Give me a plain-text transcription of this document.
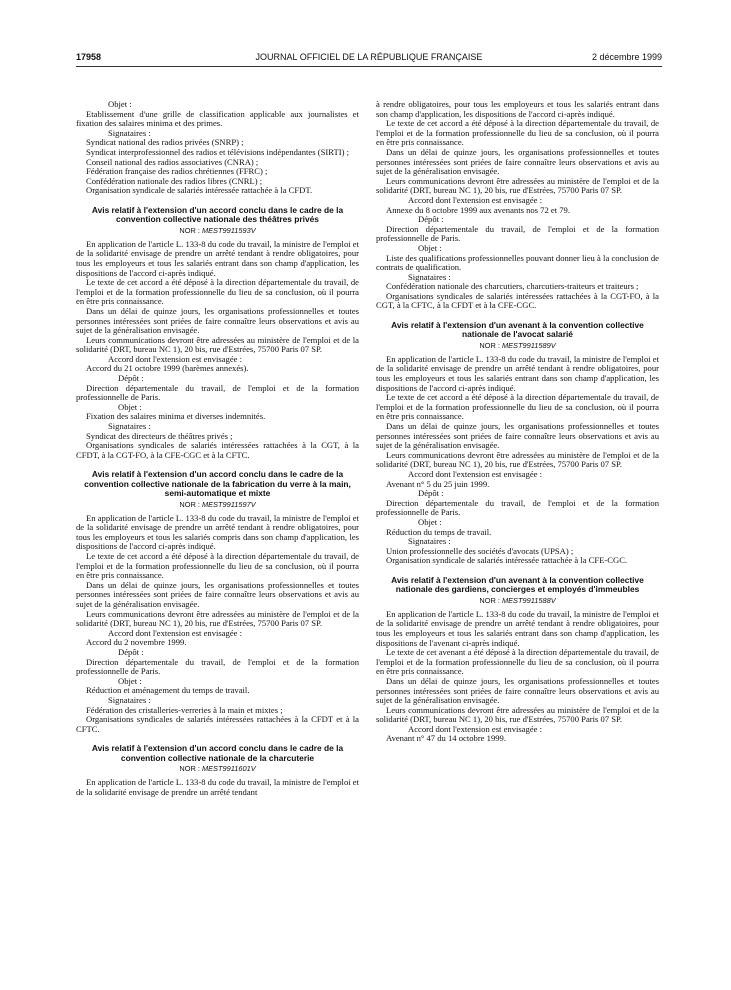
17958	JOURNAL OFFICIEL DE LA RÉPUBLIQUE FRANÇAISE	2 décembre 1999

Objet :

Etablissement d'une grille de classification applicable aux journalistes et fixation des salaires minima et des primes.

Signataires :

Syndicat national des radios privées (SNRP) ;

Syndicat interprofessionnel des radios et télévisions indépendantes (SIRTI) ;

Conseil national des radios associatives (CNRA) ;

Fédération française des radios chrétiennes (FFRC) ;

Confédération nationale des radios libres (CNRL) ;

Organisation syndicale de salariés intéressée rattachée à la CFDT.

Avis relatif à l'extension d'un accord conclu dans le cadre de la convention collective nationale des théâtres privés
NOR : MESТ9911593V

En application de l'article L. 133-8 du code du travail, la ministre de l'emploi et de la solidarité envisage de prendre un arrêté tendant à rendre obligatoires, pour tous les employeurs et tous les salariés entrant dans son champ d'application, les dispositions de l'accord ci-après indiqué.

Le texte de cet accord a été déposé à la direction départementale du travail, de l'emploi et de la formation professionnelle du lieu de sa conclusion, où il pourra en être pris connaissance.

Dans un délai de quinze jours, les organisations professionnelles et toutes personnes intéressées sont priées de faire connaître leurs observations et avis au sujet de la généralisation envisagée.

Leurs communications devront être adressées au ministère de l'emploi et de la solidarité (DRT, bureau NC 1), 20 bis, rue d'Estrées, 75700 Paris 07 SP.

Accord dont l'extension est envisagée :

Accord du 21 octobre 1999 (barèmes annexés).

Dépôt :

Direction départementale du travail, de l'emploi et de la formation professionnelle de Paris.

Objet :

Fixation des salaires minima et diverses indemnités.

Signataires :

Syndicat des directeurs de théâtres privés ;

Organisations syndicales de salariés intéressées rattachées à la CGT, à la CFDT, à la CGT-FO, à la CFE-CGC et à la CFTC.

Avis relatif à l'extension d'un accord conclu dans le cadre de la convention collective nationale de la fabrication du verre à la main, semi-automatique et mixte
NOR : MEST9911597V

En application de l'article L. 133-8 du code du travail, la ministre de l'emploi et de la solidarité envisage de prendre un arrêté tendant à rendre obligatoires, pour tous les employeurs et tous les salariés compris dans son champ d'application, les dispositions de l'accord ci-après indiqué.

Le texte de cet accord a été déposé à la direction départementale du travail, de l'emploi et de la formation professionnelle du lieu de sa conclusion, où il pourra en être pris connaissance.

Dans un délai de quinze jours, les organisations professionnelles et toutes personnes intéressées sont priées de faire connaître leurs observations et avis au sujet de la généralisation envisagée.

Leurs communications devront être adressées au ministère de l'emploi et de la solidarité (DRT, bureau NC 1), 20 bis, rue d'Estrées, 75700 Paris 07 SP.

Accord dont l'extension est envisagée :

Accord du 2 novembre 1999.

Dépôt :

Direction départementale du travail, de l'emploi et de la formation professionnelle de Paris.

Objet :

Réduction et aménagement du temps de travail.

Signataires :

Fédération des cristalleries-verreries à la main et mixtes ;

Organisations syndicales de salariés intéressées rattachées à la CFDT et à la CFTC.

Avis relatif à l'extension d'un accord conclu dans le cadre de la convention collective nationale de la charcuterie
NOR : MEST9911601V

En application de l'article L. 133-8 du code du travail, la ministre de l'emploi et de la solidarité envisage de prendre un arrêté tendant

à rendre obligatoires, pour tous les employeurs et tous les salariés entrant dans son champ d'application, les dispositions de l'accord ci-après indiqué.

Le texte de cet accord a été déposé à la direction départementale du travail, de l'emploi et de la formation professionnelle du lieu de sa conclusion, où il pourra en être pris connaissance.

Dans un délai de quinze jours, les organisations professionnelles et toutes personnes intéressées sont priées de faire connaître leurs observations et avis au sujet de la généralisation envisagée.

Leurs communications devront être adressées au ministère de l'emploi et de la solidarité (DRT, bureau NC 1), 20 bis, rue d'Estrées, 75700 Paris 07 SP.

Accord dont l'extension est envisagée :

Annexe du 8 octobre 1999 aux avenants nos 72 et 79.

Dépôt :

Direction départementale du travail, de l'emploi et de la formation professionnelle de Paris.

Objet :

Liste des qualifications professionnelles pouvant donner lieu à la conclusion de contrats de qualification.

Signataires :

Confédération nationale des charcutiers, charcutiers-traiteurs et traiteurs ;

Organisations syndicales de salariés intéressées rattachées à la CGT-FO, à la CGT, à la CFTC, à la CFDT et à la CFE-CGC.

Avis relatif à l'extension d'un avenant à la convention collective nationale de l'avocat salarié
NOR : MEST9911589V

En application de l'article L. 133-8 du code du travail, la ministre de l'emploi et de la solidarité envisage de prendre un arrêté tendant à rendre obligatoires, pour tous les employeurs et tous les salariés entrant dans son champ d'application, les dispositions de l'accord ci-après indiqué.

Le texte de cet accord a été déposé à la direction départementale du travail, de l'emploi et de la formation professionnelle du lieu de sa conclusion, où il pourra en être pris connaissance.

Dans un délai de quinze jours, les organisations professionnelles et toutes personnes intéressées sont priées de faire connaître leurs observations et avis au sujet de la généralisation envisagée.

Leurs communications devront être adressées au ministère de l'emploi et de la solidarité (DRT, bureau NC 1), 20 bis, rue d'Estrées, 75700 Paris 07 SP.

Accord dont l'extension est envisagée :

Avenant n° 5 du 25 juin 1999.

Dépôt :

Direction départementale du travail, de l'emploi et de la formation professionnelle de Paris.

Objet :

Réduction du temps de travail.

Signataires :

Union professionnelle des sociétés d'avocats (UPSA) ;

Organisation syndicale de salariés intéressée rattachée à la CFE-CGC.

Avis relatif à l'extension d'un avenant à la convention collective nationale des gardiens, concierges et employés d'immeubles
NOR : MEST9911588V

En application de l'article L. 133-8 du code du travail, la ministre de l'emploi et de la solidarité envisage de prendre un arrêté tendant à rendre obligatoires, pour tous les employeurs et tous les salariés entrant dans son champ d'application, les dispositions de l'avenant ci-après indiqué.

Le texte de cet avenant a été déposé à la direction départementale du travail, de l'emploi et de la formation professionnelle du lieu de sa conclusion, où il pourra en être pris connaissance.

Dans un délai de quinze jours, les organisations professionnelles et toutes personnes intéressées sont priées de faire connaître leurs observations et avis au sujet de la généralisation envisagée.

Leurs communications devront être adressées au ministère de l'emploi et de la solidarité (DRT, bureau NC 1), 20 bis, rue d'Estrées, 75700 Paris 07 SP.

Accord dont l'extension est envisagée :

Avenant n° 47 du 14 octobre 1999.
